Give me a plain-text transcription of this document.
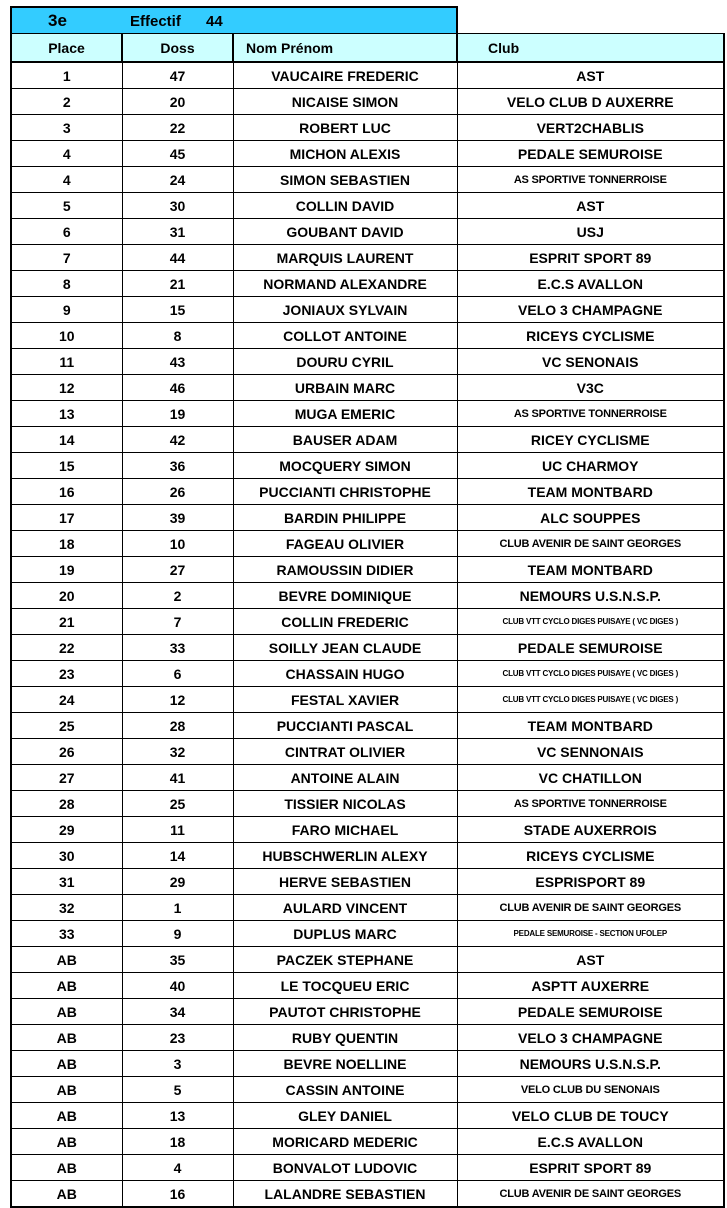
3e Effectif 44			
Place	Doss	Nom Prénom	Club
1	47	VAUCAIRE FREDERIC	AST
2	20	NICAISE SIMON	VELO CLUB D AUXERRE
3	22	ROBERT LUC	VERT2CHABLIS
4	45	MICHON ALEXIS	PEDALE SEMUROISE
4	24	SIMON SEBASTIEN	AS SPORTIVE TONNERROISE
5	30	COLLIN DAVID	AST
6	31	GOUBANT DAVID	USJ
7	44	MARQUIS LAURENT	ESPRIT SPORT 89
8	21	NORMAND ALEXANDRE	E.C.S AVALLON
9	15	JONIAUX SYLVAIN	VELO 3 CHAMPAGNE
10	8	COLLOT ANTOINE	RICEYS CYCLISME
11	43	DOURU CYRIL	VC SENONAIS
12	46	URBAIN MARC	V3C
13	19	MUGA EMERIC	AS SPORTIVE TONNERROISE
14	42	BAUSER ADAM	RICEY CYCLISME
15	36	MOCQUERY SIMON	UC CHARMOY
16	26	PUCCIANTI CHRISTOPHE	TEAM MONTBARD
17	39	BARDIN PHILIPPE	ALC SOUPPES
18	10	FAGEAU OLIVIER	CLUB AVENIR DE SAINT GEORGES
19	27	RAMOUSSIN DIDIER	TEAM MONTBARD
20	2	BEVRE DOMINIQUE	NEMOURS U.S.N.S.P.
21	7	COLLIN FREDERIC	CLUB VTT CYCLO DIGES PUISAYE ( VC DIGES )
22	33	SOILLY JEAN CLAUDE	PEDALE SEMUROISE
23	6	CHASSAIN HUGO	CLUB VTT CYCLO DIGES PUISAYE ( VC DIGES )
24	12	FESTAL XAVIER	CLUB VTT CYCLO DIGES PUISAYE ( VC DIGES )
25	28	PUCCIANTI PASCAL	TEAM MONTBARD
26	32	CINTRAT OLIVIER	VC SENNONAIS
27	41	ANTOINE ALAIN	VC CHATILLON
28	25	TISSIER NICOLAS	AS SPORTIVE TONNERROISE
29	11	FARO MICHAEL	STADE AUXERROIS
30	14	HUBSCHWERLIN ALEXY	RICEYS CYCLISME
31	29	HERVE SEBASTIEN	ESPRISPORT 89
32	1	AULARD VINCENT	CLUB AVENIR DE SAINT GEORGES
33	9	DUPLUS MARC	PEDALE SEMUROISE - SECTION UFOLEP
AB	35	PACZEK STEPHANE	AST
AB	40	LE TOCQUEU ERIC	ASPTT AUXERRE
AB	34	PAUTOT CHRISTOPHE	PEDALE SEMUROISE
AB	23	RUBY QUENTIN	VELO 3 CHAMPAGNE
AB	3	BEVRE NOELLINE	NEMOURS U.S.N.S.P.
AB	5	CASSIN ANTOINE	VELO CLUB DU SENONAIS
AB	13	GLEY DANIEL	VELO CLUB DE TOUCY
AB	18	MORICARD MEDERIC	E.C.S AVALLON
AB	4	BONVALOT LUDOVIC	ESPRIT SPORT 89
AB	16	LALANDRE SEBASTIEN	CLUB AVENIR DE SAINT GEORGES
